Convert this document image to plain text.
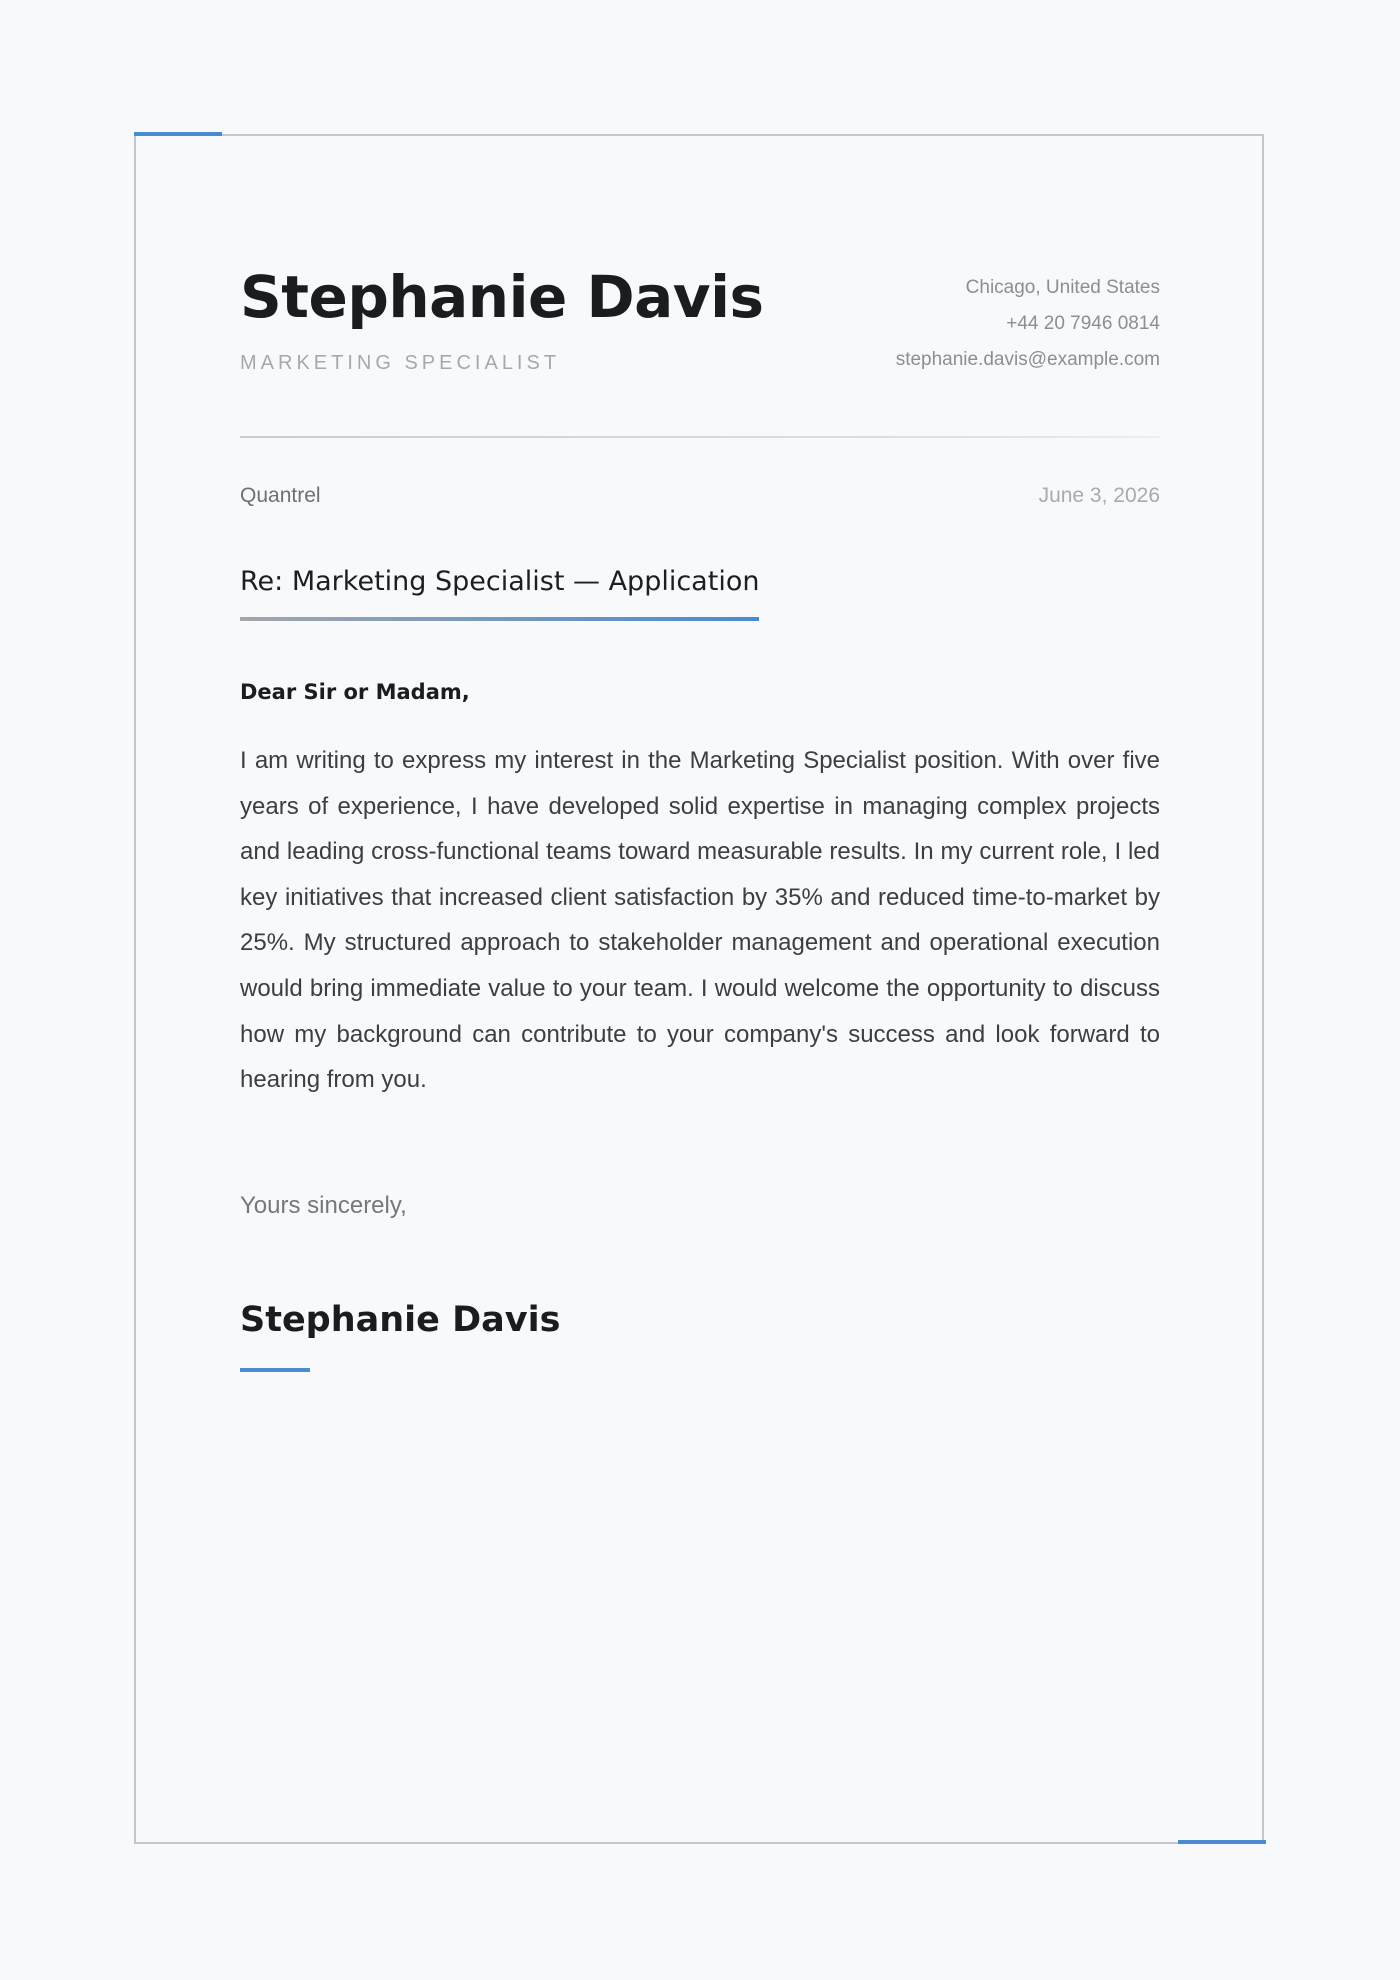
Stephanie Davis
MARKETING SPECIALIST
Chicago, United States
+44 20 7946 0814
stephanie.davis@example.com
Quantrel	June 3, 2026
Re: Marketing Specialist — Application
Dear Sir or Madam,

I am writing to express my interest in the Marketing Specialist position. With over five years of experience, I have developed solid expertise in managing complex projects and leading cross-functional teams toward measurable results. In my current role, I led key initiatives that increased client satisfaction by 35% and reduced time-to-market by 25%. My structured approach to stakeholder management and operational execution would bring immediate value to your team. I would welcome the opportunity to discuss how my background can contribute to your company's success and look forward to hearing from you.

Yours sincerely,
Stephanie Davis
